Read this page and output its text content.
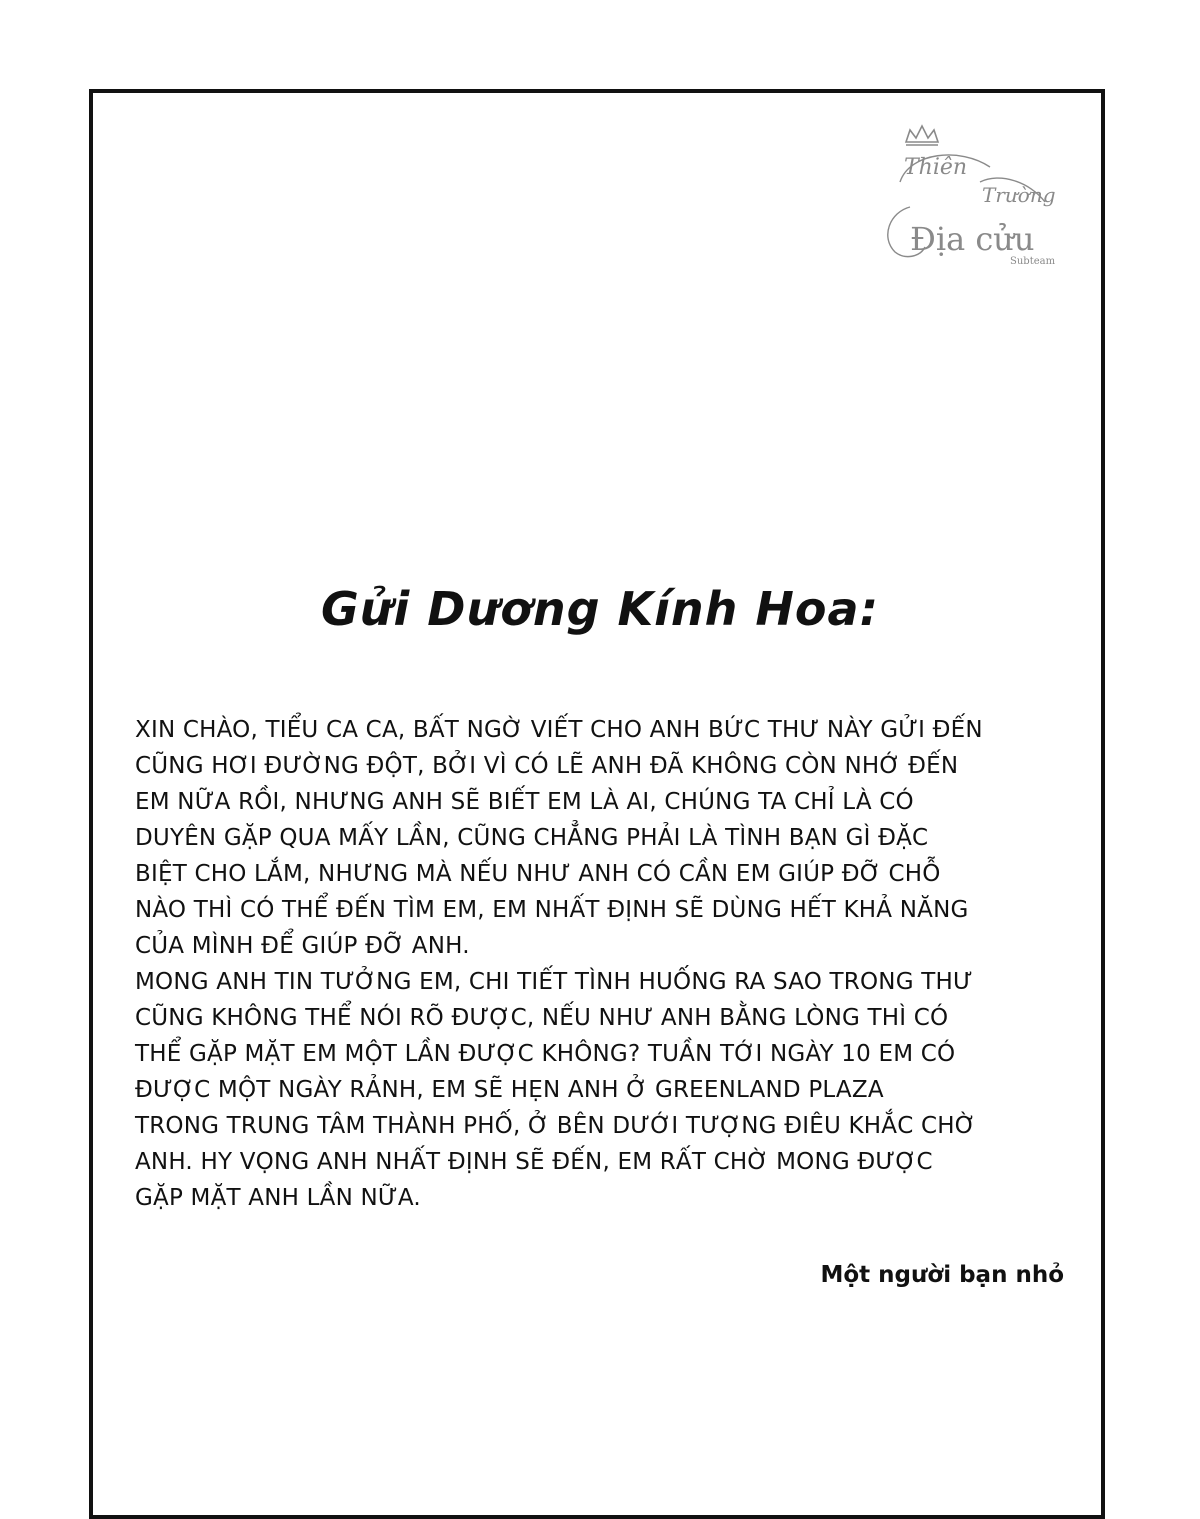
Thiên
Trường
Địa cửu
Subteam
Gửi Dương Kính Hoa:
XIN CHÀO, TIỂU CA CA, BẤT NGỜ VIẾT CHO ANH BỨC THƯ NÀY GỬI ĐẾN
CŨNG HƠI ĐƯỜNG ĐỘT, BỞI VÌ CÓ LẼ ANH ĐÃ KHÔNG CÒN NHỚ ĐẾN
EM NỮA RỒI, NHƯNG ANH SẼ BIẾT EM LÀ AI, CHÚNG TA CHỈ LÀ CÓ
DUYÊN GẶP QUA MẤY LẦN, CŨNG CHẲNG PHẢI LÀ TÌNH BẠN GÌ ĐẶC
BIỆT CHO LẮM, NHƯNG MÀ NẾU NHƯ ANH CÓ CẦN EM GIÚP ĐỠ CHỖ
NÀO THÌ CÓ THỂ ĐẾN TÌM EM, EM NHẤT ĐỊNH SẼ DÙNG HẾT KHẢ NĂNG
CỦA MÌNH ĐỂ GIÚP ĐỠ ANH.
MONG ANH TIN TƯỞNG EM, CHI TIẾT TÌNH HUỐNG RA SAO TRONG THƯ
CŨNG KHÔNG THỂ NÓI RÕ ĐƯỢC, NẾU NHƯ ANH BẰNG LÒNG THÌ CÓ
THỂ GẶP MẶT EM MỘT LẦN ĐƯỢC KHÔNG? TUẦN TỚI NGÀY 10 EM CÓ
ĐƯỢC MỘT NGÀY RẢNH, EM SẼ HẸN ANH Ở GREENLAND PLAZA
TRONG TRUNG TÂM THÀNH PHỐ, Ở BÊN DƯỚI TƯỢNG ĐIÊU KHẮC CHỜ
ANH. HY VỌNG ANH NHẤT ĐỊNH SẼ ĐẾN, EM RẤT CHỜ MONG ĐƯỢC
GẶP MẶT ANH LẦN NỮA.
Một người bạn nhỏ
